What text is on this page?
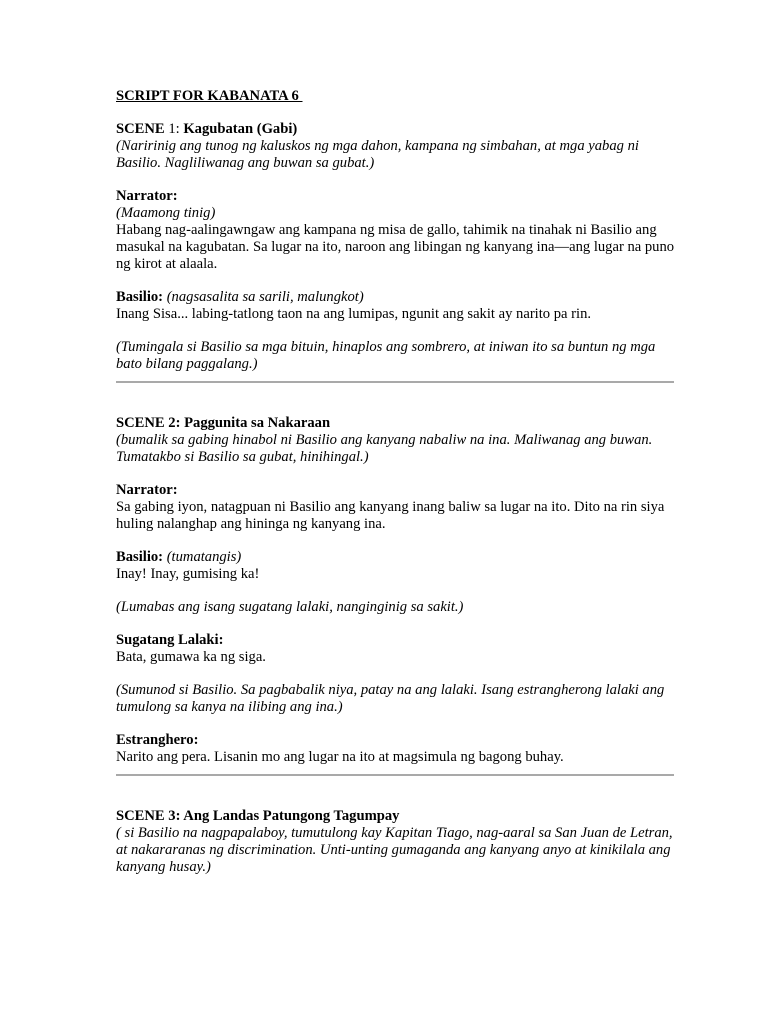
SCRIPT FOR KABANATA 6

SCENE 1: Kagubatan (Gabi)

(Naririnig ang tunog ng kaluskos ng mga dahon, kampana ng simbahan, at mga yabag ni Basilio. Nagliliwanag ang buwan sa gubat.)

Narrator:

(Maamong tinig)

Habang nag-aalingawngaw ang kampana ng misa de gallo, tahimik na tinahak ni Basilio ang masukal na kagubatan. Sa lugar na ito, naroon ang libingan ng kanyang ina—ang lugar na puno ng kirot at alaala.

Basilio: (nagsasalita sa sarili, malungkot)

Inang Sisa... labing-tatlong taon na ang lumipas, ngunit ang sakit ay narito pa rin.

(Tumingala si Basilio sa mga bituin, hinaplos ang sombrero, at iniwan ito sa buntun ng mga bato bilang paggalang.)

SCENE 2: Paggunita sa Nakaraan

(bumalik sa gabing hinabol ni Basilio ang kanyang nabaliw na ina. Maliwanag ang buwan. Tumatakbo si Basilio sa gubat, hinihingal.)

Narrator:

Sa gabing iyon, natagpuan ni Basilio ang kanyang inang baliw sa lugar na ito. Dito na rin siya huling nalanghap ang hininga ng kanyang ina.

Basilio: (tumatangis)

Inay! Inay, gumising ka!

(Lumabas ang isang sugatang lalaki, nanginginig sa sakit.)

Sugatang Lalaki:

Bata, gumawa ka ng siga.

(Sumunod si Basilio. Sa pagbabalik niya, patay na ang lalaki. Isang estrangherong lalaki ang tumulong sa kanya na ilibing ang ina.)

Estranghero:

Narito ang pera. Lisanin mo ang lugar na ito at magsimula ng bagong buhay.

SCENE 3: Ang Landas Patungong Tagumpay

( si Basilio na nagpapalaboy, tumutulong kay Kapitan Tiago, nag-aaral sa San Juan de Letran, at nakararanas ng discrimination. Unti-unting gumaganda ang kanyang anyo at kinikilala ang kanyang husay.)
